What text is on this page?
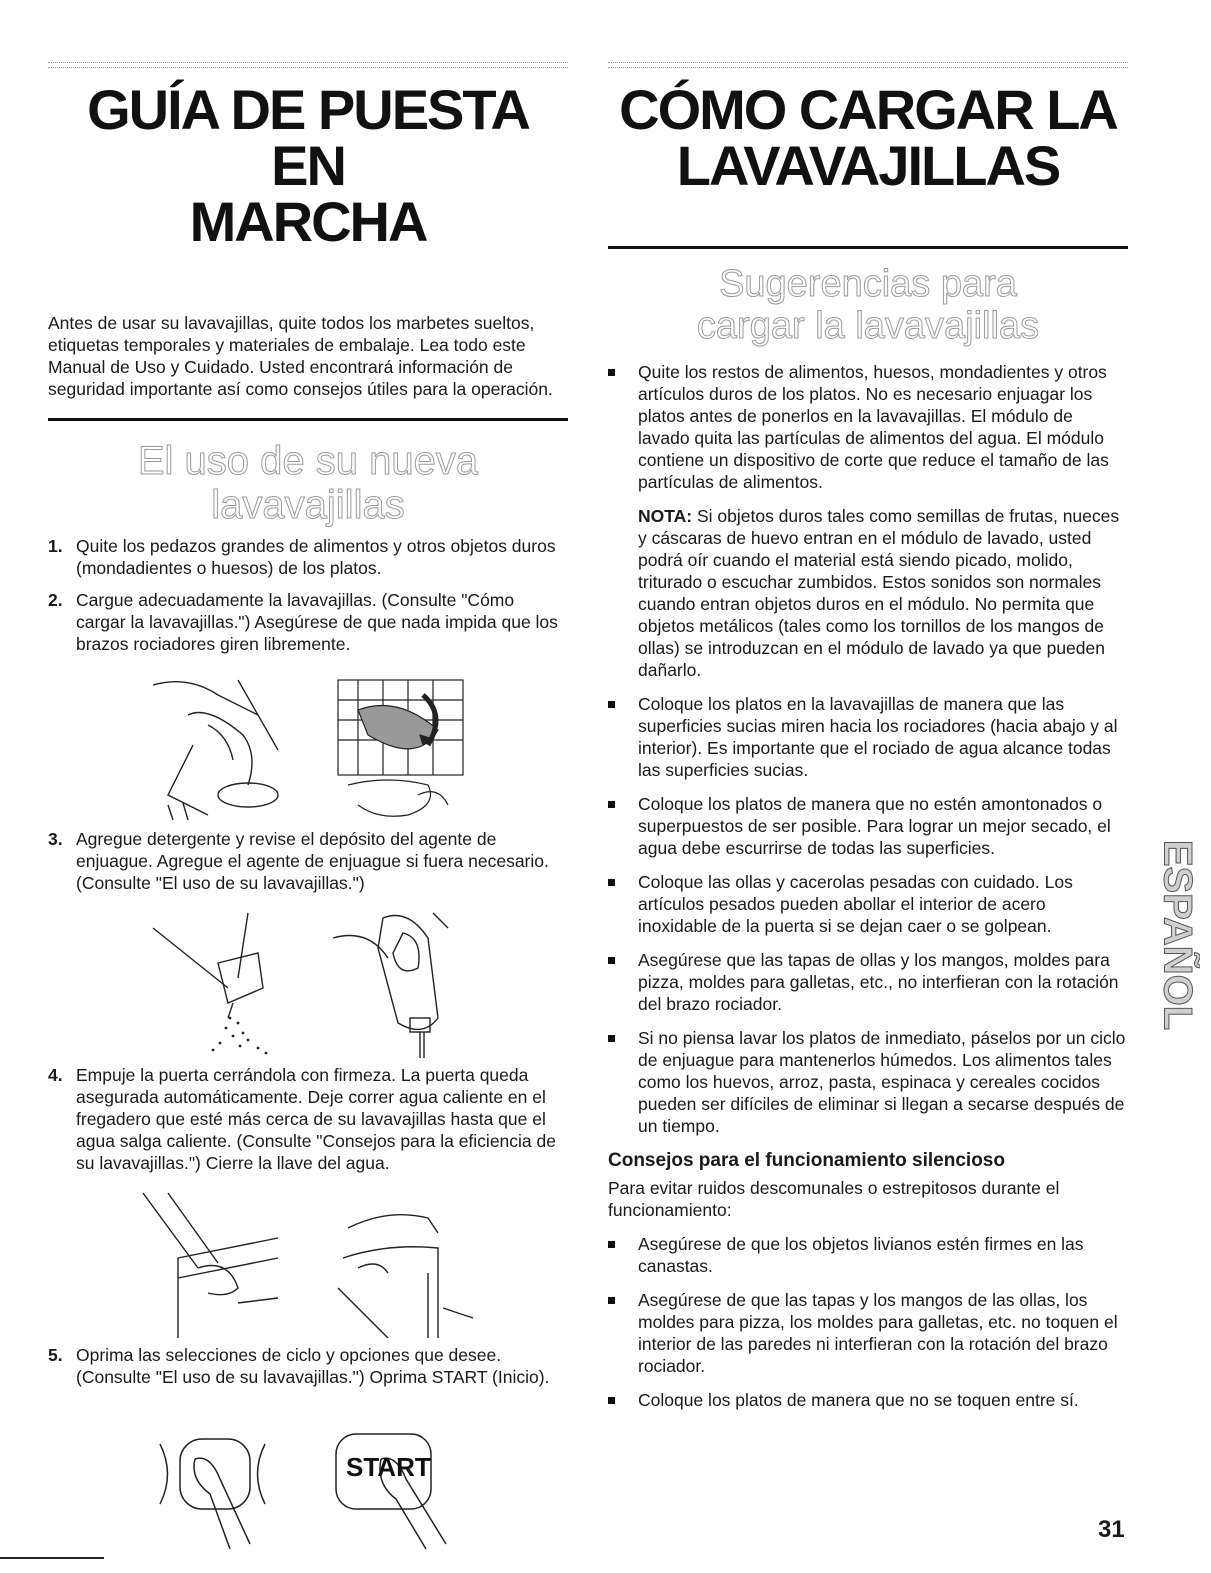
GUÍA DE PUESTA EN
MARCHA

Antes de usar su lavavajillas, quite todos los marbetes sueltos, etiquetas temporales y materiales de embalaje. Lea todo este Manual de Uso y Cuidado. Usted encontrará información de seguridad importante así como consejos útiles para la operación.

El uso de su nueva lavavajillas
1. Quite los pedazos grandes de alimentos y otros objetos duros (mondadientes o huesos) de los platos.
2. Cargue adecuadamente la lavavajillas. (Consulte "Cómo cargar la lavavajillas.") Asegúrese de que nada impida que los brazos rociadores giren libremente.
3. Agregue detergente y revise el depósito del agente de enjuague. Agregue el agente de enjuague si fuera necesario. (Consulte "El uso de su lavavajillas.")
4. Empuje la puerta cerrándola con firmeza. La puerta queda asegurada automáticamente. Deje correr agua caliente en el fregadero que esté más cerca de su lavavajillas hasta que el agua salga caliente. (Consulte "Consejos para la eficiencia de su lavavajillas.") Cierre la llave del agua.
5. Oprima las selecciones de ciclo y opciones que desee. (Consulte "El uso de su lavavajillas.") Oprima START (Inicio).
START
CÓMO CARGAR LA
LAVAVAJILLAS
Sugerencias para
cargar la lavavajillas
Quite los restos de alimentos, huesos, mondadientes y otros artículos duros de los platos. No es necesario enjuagar los platos antes de ponerlos en la lavavajillas. El módulo de lavado quita las partículas de alimentos del agua. El módulo contiene un dispositivo de corte que reduce el tamaño de las partículas de alimentos.

NOTA: Si objetos duros tales como semillas de frutas, nueces y cáscaras de huevo entran en el módulo de lavado, usted podrá oír cuando el material está siendo picado, molido, triturado o escuchar zumbidos. Estos sonidos son normales cuando entran objetos duros en el módulo. No permita que objetos metálicos (tales como los tornillos de los mangos de ollas) se introduzcan en el módulo de lavado ya que pueden dañarlo.

Coloque los platos en la lavavajillas de manera que las superficies sucias miren hacia los rociadores (hacia abajo y al interior). Es importante que el rociado de agua alcance todas las superficies sucias.
Coloque los platos de manera que no estén amontonados o superpuestos de ser posible. Para lograr un mejor secado, el agua debe escurrirse de todas las superficies.
Coloque las ollas y cacerolas pesadas con cuidado. Los artículos pesados pueden abollar el interior de acero inoxidable de la puerta si se dejan caer o se golpean.
Asegúrese que las tapas de ollas y los mangos, moldes para pizza, moldes para galletas, etc., no interfieran con la rotación del brazo rociador.
Si no piensa lavar los platos de inmediato, páselos por un ciclo de enjuague para mantenerlos húmedos. Los alimentos tales como los huevos, arroz, pasta, espinaca y cereales cocidos pueden ser difíciles de eliminar si llegan a secarse después de un tiempo.
Consejos para el funcionamiento silencioso

Para evitar ruidos descomunales o estrepitosos durante el funcionamiento:

Asegúrese de que los objetos livianos estén firmes en las canastas.
Asegúrese de que las tapas y los mangos de las ollas, los moldes para pizza, los moldes para galletas, etc. no toquen el interior de las paredes ni interfieran con la rotación del brazo rociador.
Coloque los platos de manera que no se toquen entre sí.
ESPAÑOL
31
